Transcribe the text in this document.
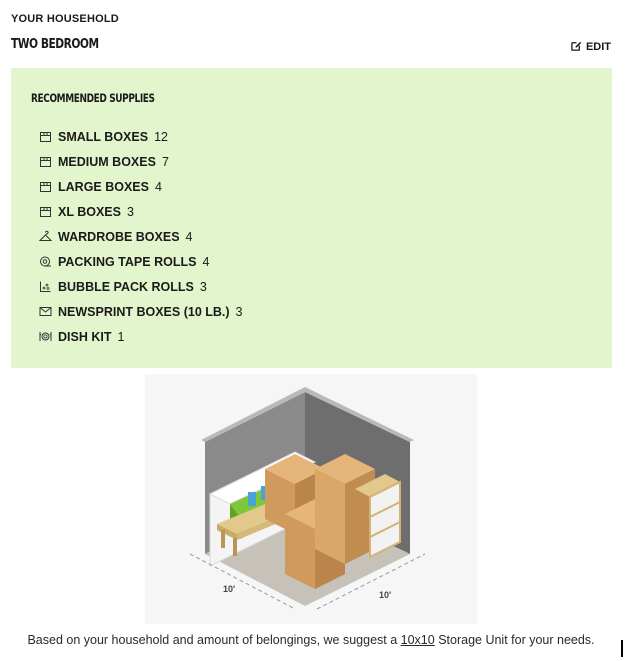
YOUR HOUSEHOLD
TWO BEDROOM	EDIT
RECOMMENDED SUPPLIES
SMALL BOXES 12
MEDIUM BOXES 7
LARGE BOXES 4
XL BOXES 3
WARDROBE BOXES 4
PACKING TAPE ROLLS 4
BUBBLE PACK ROLLS 3
NEWSPRINT BOXES (10 LB.) 3
DISH KIT 1
10'
10'
Based on your household and amount of belongings, we suggest a 10x10 Storage Unit for your needs.
